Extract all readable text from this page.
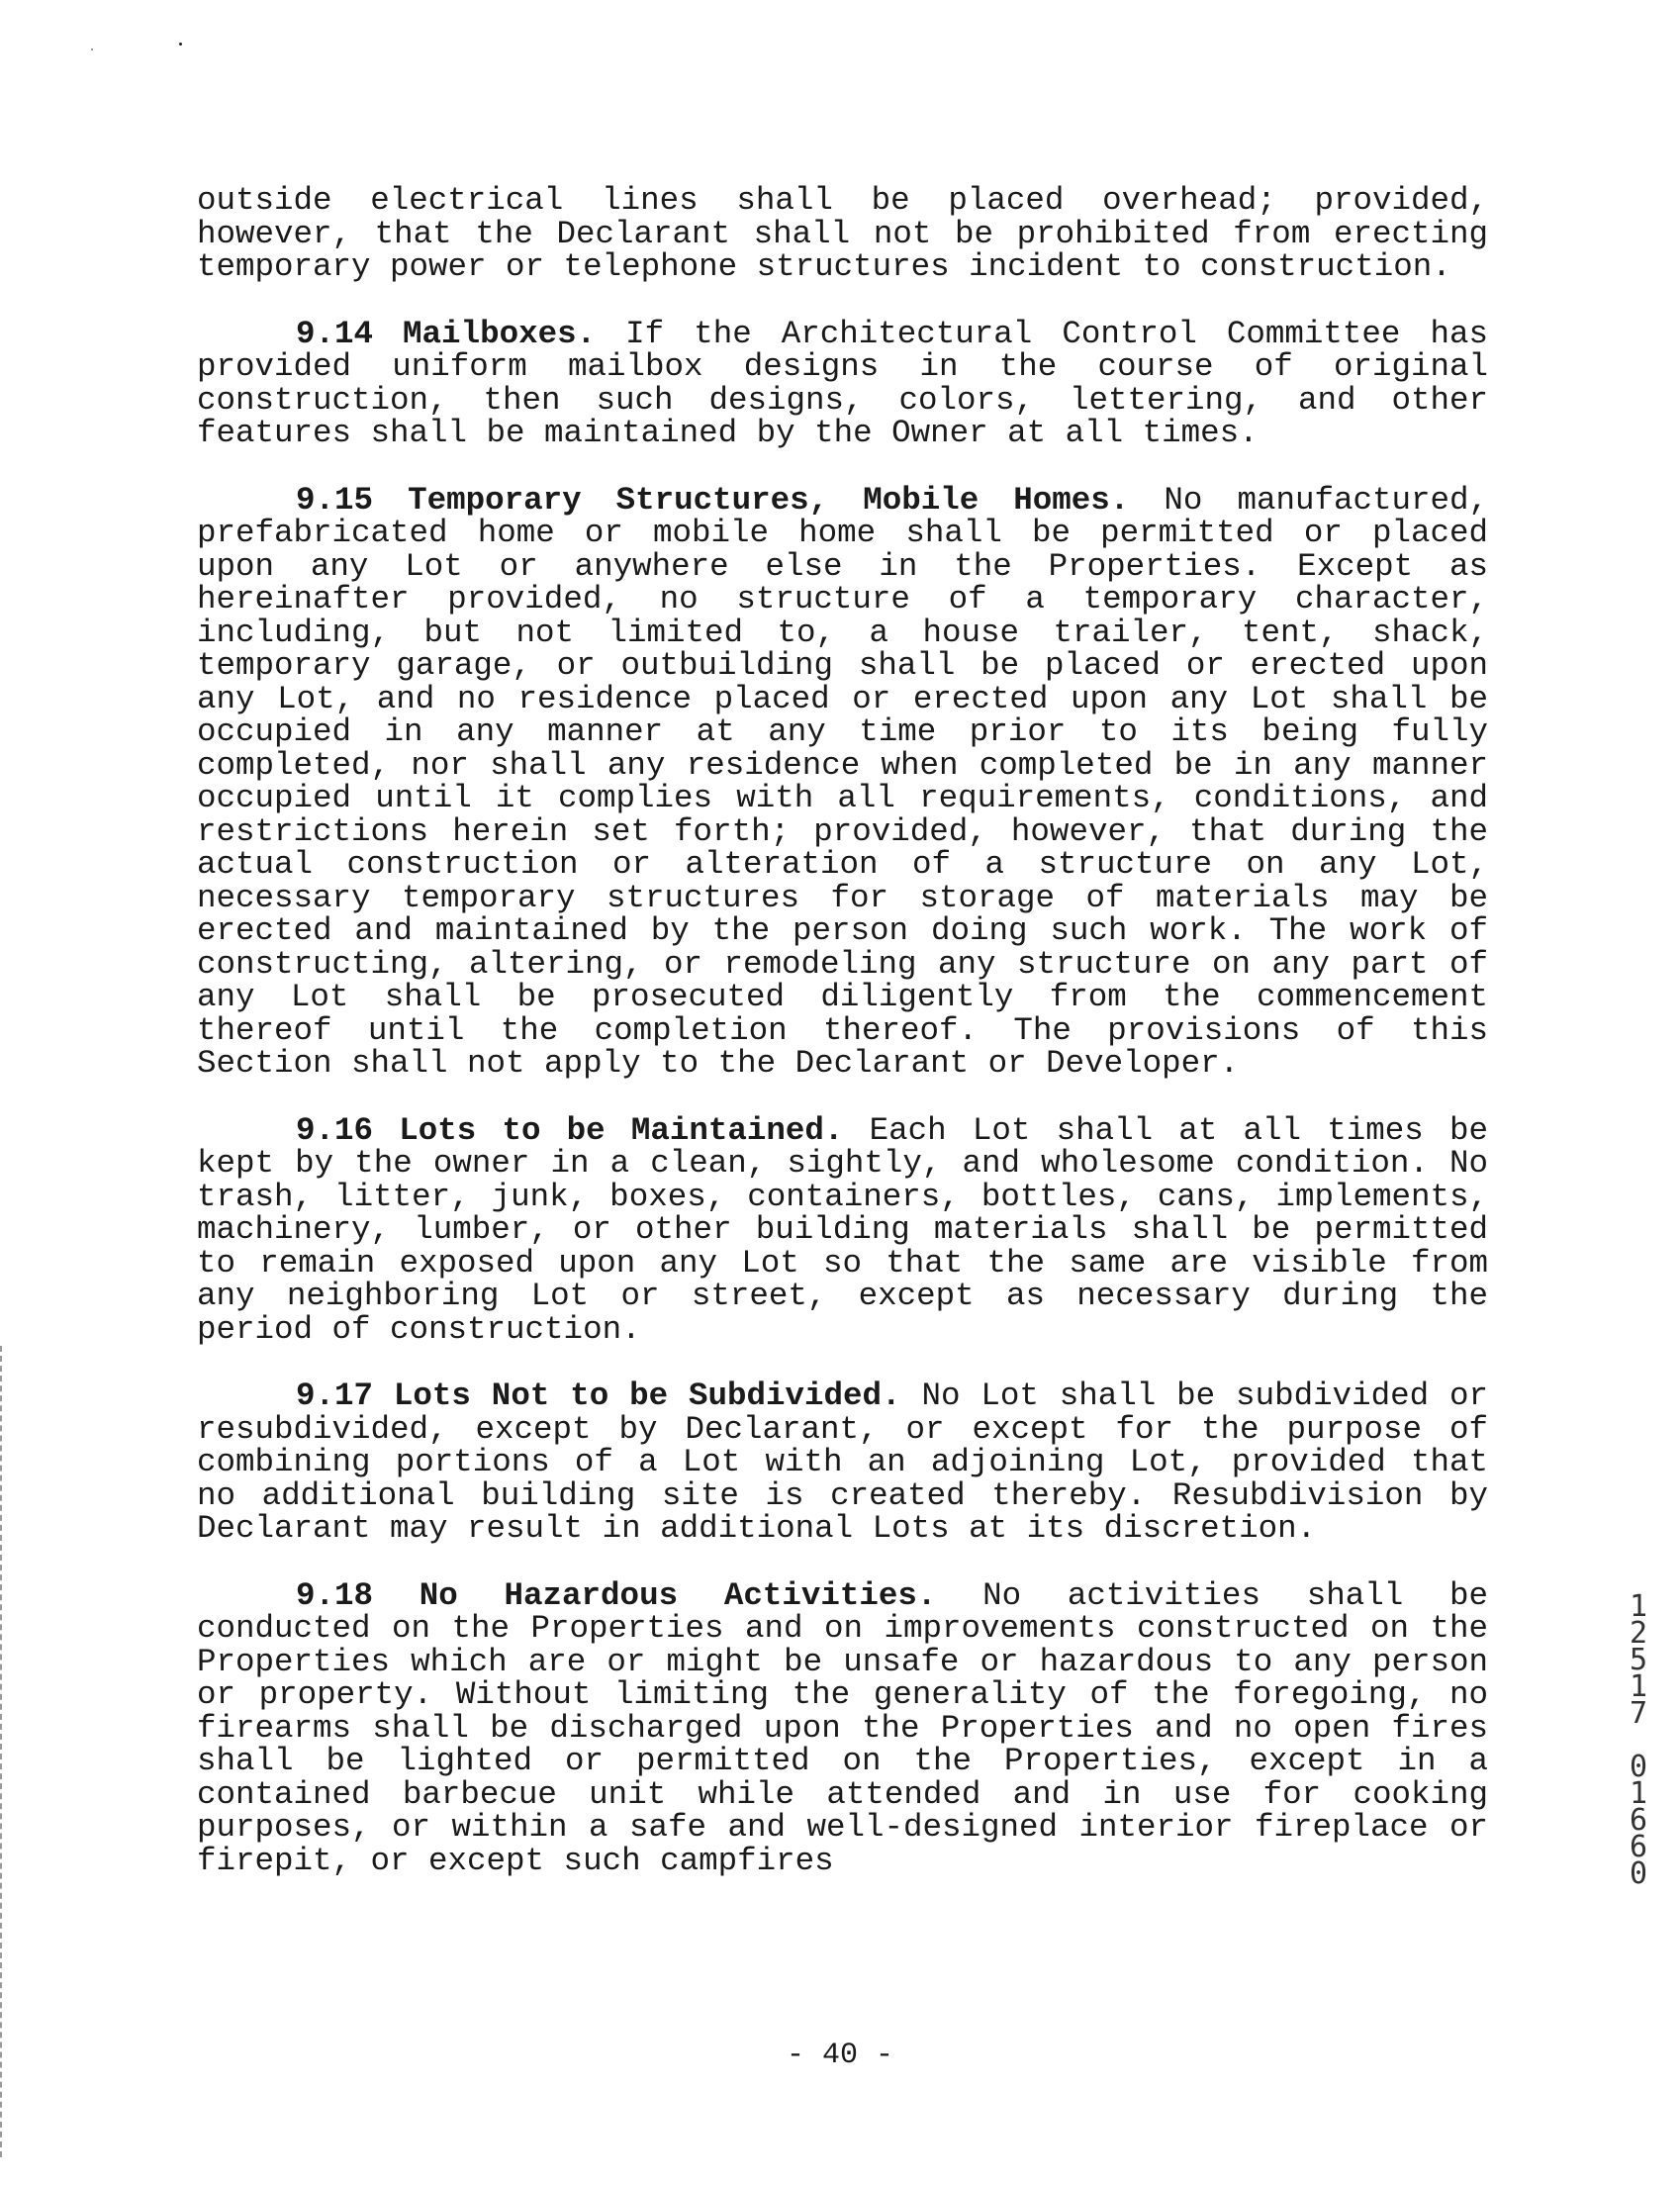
outside electrical lines shall be placed overhead; provided, however, that the Declarant shall not be prohibited from erecting temporary power or telephone structures incident to construction.

9.14 Mailboxes. If the Architectural Control Committee has provided uniform mailbox designs in the course of original construction, then such designs, colors, lettering, and other features shall be maintained by the Owner at all times.

9.15 Temporary Structures, Mobile Homes. No manufactured, prefabricated home or mobile home shall be permitted or placed upon any Lot or anywhere else in the Properties. Except as hereinafter provided, no structure of a temporary character, including, but not limited to, a house trailer, tent, shack, temporary garage, or outbuilding shall be placed or erected upon any Lot, and no residence placed or erected upon any Lot shall be occupied in any manner at any time prior to its being fully completed, nor shall any residence when completed be in any manner occupied until it complies with all requirements, conditions, and restrictions herein set forth; provided, however, that during the actual construction or alteration of a structure on any Lot, necessary temporary structures for storage of materials may be erected and maintained by the person doing such work. The work of constructing, altering, or remodeling any structure on any part of any Lot shall be prosecuted diligently from the commencement thereof until the completion thereof. The provisions of this Section shall not apply to the Declarant or Developer.

9.16 Lots to be Maintained. Each Lot shall at all times be kept by the owner in a clean, sightly, and wholesome condition. No trash, litter, junk, boxes, containers, bottles, cans, implements, machinery, lumber, or other building materials shall be permitted to remain exposed upon any Lot so that the same are visible from any neighboring Lot or street, except as necessary during the period of construction.

9.17 Lots Not to be Subdivided. No Lot shall be subdivided or resubdivided, except by Declarant, or except for the purpose of combining portions of a Lot with an adjoining Lot, provided that no additional building site is created thereby. Resubdivision by Declarant may result in additional Lots at its discretion.

9.18 No Hazardous Activities. No activities shall be conducted on the Properties and on improvements constructed on the Properties which are or might be unsafe or hazardous to any person or property. Without limiting the generality of the foregoing, no firearms shall be discharged upon the Properties and no open fires shall be lighted or permitted on the Properties, except in a contained barbecue unit while attended and in use for cooking purposes, or within a safe and well-designed interior fireplace or firepit, or except such campfires

1
2
5
1
7
0
1
6
6
0
- 40 -
